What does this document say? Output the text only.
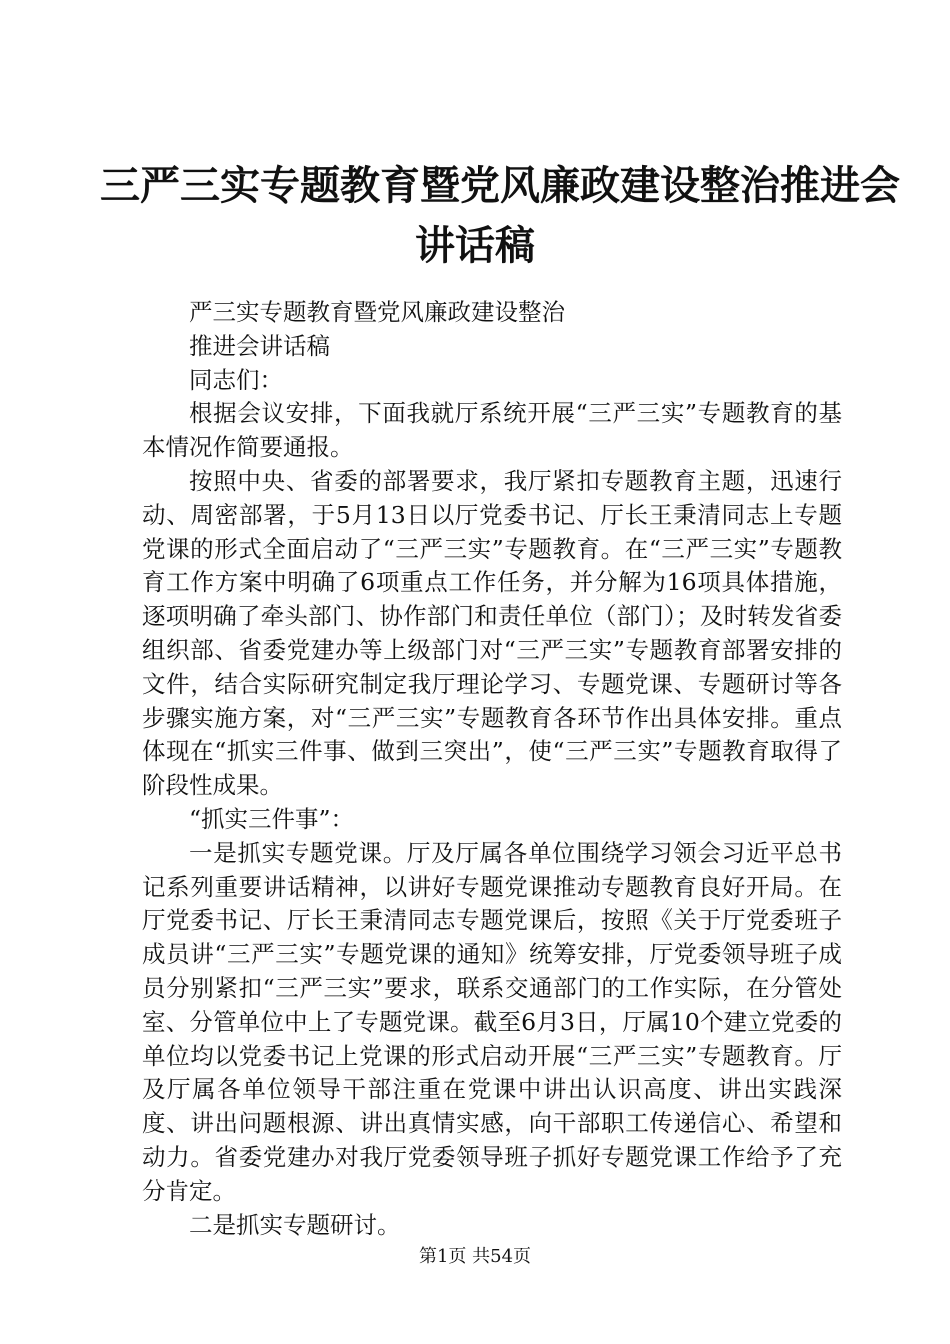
三严三实专题教育暨党风廉政建设整治推进会
讲话稿

严三实专题教育暨党风廉政建设整治

推进会讲话稿

同志们：

根据会议安排，下面我就厅系统开展“三严三实”专题教育的基本情况作简要通报。

按照中央、省委的部署要求，我厅紧扣专题教育主题，迅速行动、周密部署，于5月13日以厅党委书记、厅长王秉清同志上专题党课的形式全面启动了“三严三实”专题教育。在“三严三实”专题教育工作方案中明确了6项重点工作任务，并分解为16项具体措施，逐项明确了牵头部门、协作部门和责任单位（部门）；及时转发省委组织部、省委党建办等上级部门对“三严三实”专题教育部署安排的文件，结合实际研究制定我厅理论学习、专题党课、专题研讨等各步骤实施方案，对“三严三实”专题教育各环节作出具体安排。重点体现在“抓实三件事、做到三突出”，使“三严三实”专题教育取得了阶段性成果。

“抓实三件事”：

一是抓实专题党课。厅及厅属各单位围绕学习领会习近平总书记系列重要讲话精神，以讲好专题党课推动专题教育良好开局。在厅党委书记、厅长王秉清同志专题党课后，按照《关于厅党委班子成员讲“三严三实”专题党课的通知》统筹安排，厅党委领导班子成员分别紧扣“三严三实”要求，联系交通部门的工作实际，在分管处室、分管单位中上了专题党课。截至6月3日，厅属10个建立党委的单位均以党委书记上党课的形式启动开展“三严三实”专题教育。厅及厅属各单位领导干部注重在党课中讲出认识高度、讲出实践深度、讲出问题根源、讲出真情实感，向干部职工传递信心、希望和动力。省委党建办对我厅党委领导班子抓好专题党课工作给予了充分肯定。

二是抓实专题研讨。

第1页 共54页
